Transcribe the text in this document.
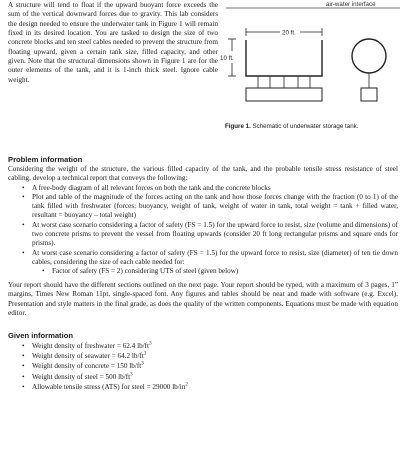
A structure will tend to float if the upward buoyant force exceeds the sum of the vertical downward forces due to gravity. This lab considers the design needed to ensure the underwater tank in Figure 1 will remain fixed in its desired location. You are tasked to design the size of two concrete blocks and ten steel cables needed to prevent the structure from floating upward, given a certain tank size, filled capacity, and other given. Note that the structural dimensions shown in Figure 1 are for the outer elements of the tank, and it is 1-inch thick steel. Ignore cable weight.

air-water interface
20 ft.
10 ft.
Figure 1. Schematic of underwater storage tank.
Problem information
Considering the weight of the structure, the various filled capacity of the tank, and the probable tensile stress resistance of steel cabling, develop a technical report that conveys the following:
• A free-body diagram of all relevant forces on both the tank and the concrete blocks
• Plot and table of the magnitude of the forces acting on the tank and how those forces change with the fraction (0 to 1) of the tank filled with freshwater (forces: buoyancy, weight of tank, weight of water in tank, total weight = tank + filled water, resultant = buoyancy – total weight)
• At worst case scenario considering a factor of safety (FS = 1.5) for the upward force to resist, size (volume and dimensions) of two concrete prisms to prevent the vessel from floating upwards (consider 20 ft long rectangular prisms and square ends for prisms).
• At worst case scenario considering a factor of safety (FS = 1.5) for the upward force to resist, size (diameter) of ten tie down cables, considering the size of each cable needed for:
• Factor of safety (FS = 2) considering UTS of steel (given below)

Your report should have the different sections outlined on the next page. Your report should be typed, with a maximum of 3 pages, 1” margins, Times New Roman 11pt, single-spaced font. Any figures and tables should be neat and made with software (e.g. Excel). Presentation and style matters in the final grade, as does the quality of the written components. Equations must be made with equation editor.

Given information
• Weight density of freshwater = 62.4 $lb/ft^3$
• Weight density of seawater = 64.2 $lb/ft^3$
• Weight density of concrete = 150 $lb/ft^3$
• Weight density of steel = 500 $lb/ft^3$
• Allowable tensile stress (ATS) for steel = 29000 $lb/in^2$
